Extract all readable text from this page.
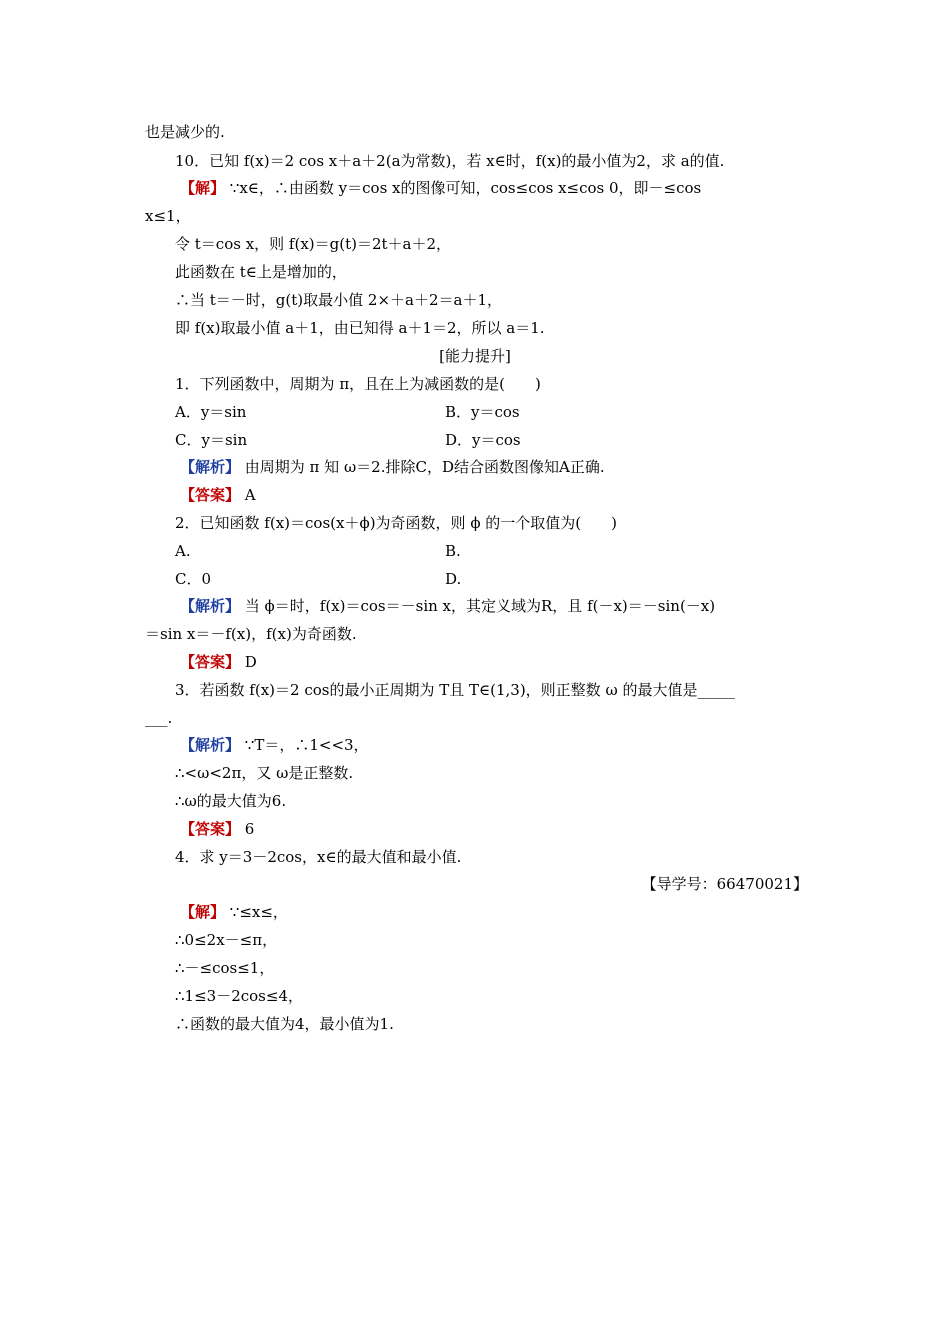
也是减少的.
10．已知 f(x)＝2 cos x＋a＋2(a为常数)，若 x∈时，f(x)的最小值为2，求 a的值.
【解】 ∵x∈，∴由函数 y＝cos x的图像可知，cos≤cos x≤cos 0，即－≤cos
x≤1，
令 t＝cos x，则 f(x)＝g(t)＝2t＋a＋2，
此函数在 t∈上是增加的，
∴当 t＝－时，g(t)取最小值 2×＋a＋2＝a＋1，
即 f(x)取最小值 a＋1，由已知得 a＋1＝2，所以 a＝1.
[能力提升]
1．下列函数中，周期为 π，且在上为减函数的是(　　)
A．y＝sin	B．y＝cos
C．y＝sin	D．y＝cos
【解析】 由周期为 π 知 ω＝2.排除C，D结合函数图像知A正确.
【答案】 A
2．已知函数 f(x)＝cos(x＋ϕ)为奇函数，则 ϕ 的一个取值为(　　)
A.	B.
C．0	D.
【解析】 当 ϕ＝时，f(x)＝cos＝－sin x，其定义域为R，且 f(－x)＝－sin(－x)
＝sin x＝－f(x)，f(x)为奇函数.
【答案】 D
3．若函数 f(x)＝2 cos的最小正周期为 T且 T∈(1,3)，则正整数 ω 的最大值是_____
___.
【解析】 ∵T＝，∴1<<3，
∴<ω<2π，又 ω是正整数.
∴ω的最大值为6.
【答案】 6
4．求 y＝3－2cos，x∈的最大值和最小值.
【导学号：66470021】
【解】 ∵≤x≤，
∴0≤2x－≤π，
∴－≤cos≤1，
∴1≤3－2cos≤4，
∴函数的最大值为4，最小值为1.
